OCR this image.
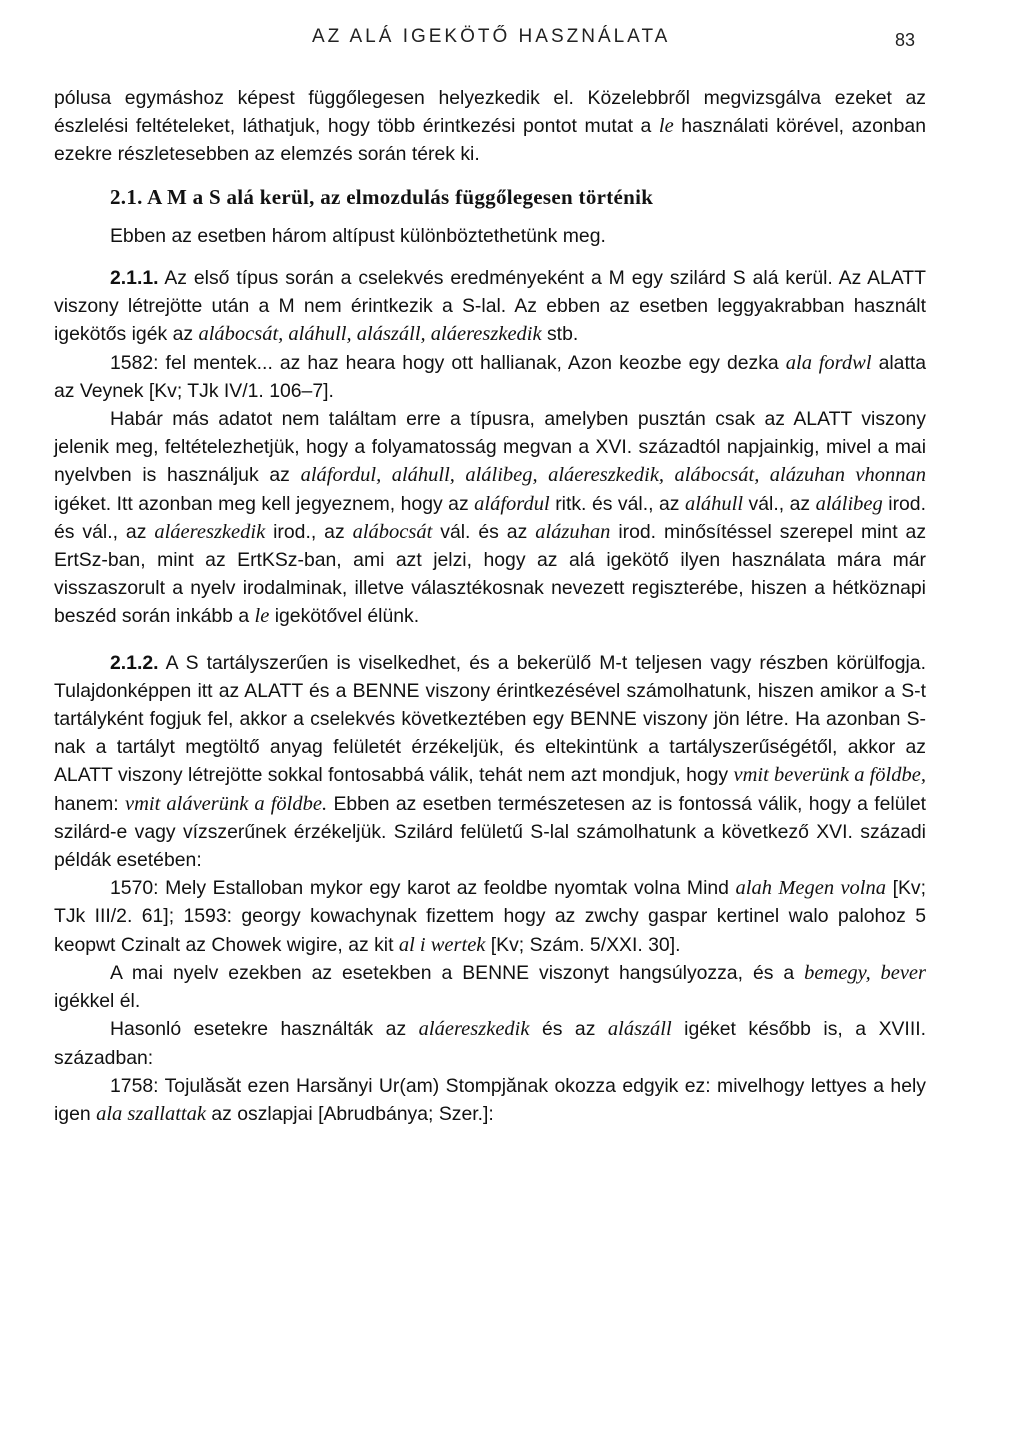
AZ ALÁ IGEKÖTŐ HASZNÁLATA	83

pólusa egymáshoz képest függőlegesen helyezkedik el. Közelebbről megvizsgálva ezeket az észlelési feltételeket, láthatjuk, hogy több érintkezési pontot mutat a le használati körével, azonban ezekre részletesebben az elemzés során térek ki.

2.1. A M a S alá kerül, az elmozdulás függőlegesen történik

Ebben az esetben három altípust különböztethetünk meg.

2.1.1. Az első típus során a cselekvés eredményeként a M egy szilárd S alá kerül. Az ALATT viszony létrejötte után a M nem érintkezik a S-lal. Az ebben az esetben leggyakrabban használt igekötős igék az alábocsát, aláhull, alászáll, aláereszkedik stb.

1582: fel mentek... az haz heara hogy ott hallianak, Azon keozbe egy dezka ala fordwl alatta az Veynek [Kv; TJk IV/1. 106–7].

Habár más adatot nem találtam erre a típusra, amelyben pusztán csak az ALATT viszony jelenik meg, feltételezhetjük, hogy a folyamatosság megvan a XVI. századtól napjainkig, mivel a mai nyelvben is használjuk az aláfordul, aláhull, alálibeg, aláereszkedik, alábocsát, alázuhan vhonnan igéket. Itt azonban meg kell jegyeznem, hogy az aláfordul ritk. és vál., az aláhull vál., az alálibeg irod. és vál., az aláereszkedik irod., az alábocsát vál. és az alázuhan irod. minősítéssel szerepel mint az ErtSz-ban, mint az ErtKSz-ban, ami azt jelzi, hogy az alá igekötő ilyen használata mára már visszaszorult a nyelv irodalminak, illetve választékosnak nevezett regiszterébe, hiszen a hétköznapi beszéd során inkább a le igekötővel élünk.

2.1.2. A S tartályszerűen is viselkedhet, és a bekerülő M-t teljesen vagy részben körülfogja. Tulajdonképpen itt az ALATT és a BENNE viszony érintkezésével számolhatunk, hiszen amikor a S-t tartályként fogjuk fel, akkor a cselekvés következtében egy BENNE viszony jön létre. Ha azonban S-nak a tartályt megtöltő anyag felületét érzékeljük, és eltekintünk a tartályszerűségétől, akkor az ALATT viszony létrejötte sokkal fontosabbá válik, tehát nem azt mondjuk, hogy vmit beverünk a földbe, hanem: vmit aláverünk a földbe. Ebben az esetben természetesen az is fontossá válik, hogy a felület szilárd-e vagy vízszerűnek érzékeljük. Szilárd felületű S-lal számolhatunk a következő XVI. századi példák esetében:

1570: Mely Estalloban mykor egy karot az feoldbe nyomtak volna Mind alah Megen volna [Kv; TJk III/2. 61]; 1593: georgy kowachynak fizettem hogy az zwchy gaspar kertinel walo palohoz 5 keopwt Czinalt az Chowek wigire, az kit al i wertek [Kv; Szám. 5/XXI. 30].

A mai nyelv ezekben az esetekben a BENNE viszonyt hangsúlyozza, és a bemegy, bever igékkel él.

Hasonló esetekre használták az aláereszkedik és az alászáll igéket később is, a XVIII. században:

1758: Tojulăsăt ezen Harsănyi Ur(am) Stompjănak okozza edgyik ez: mivelhogy lettyes a hely igen ala szallattak az oszlapjai [Abrudbánya; Szer.]:
